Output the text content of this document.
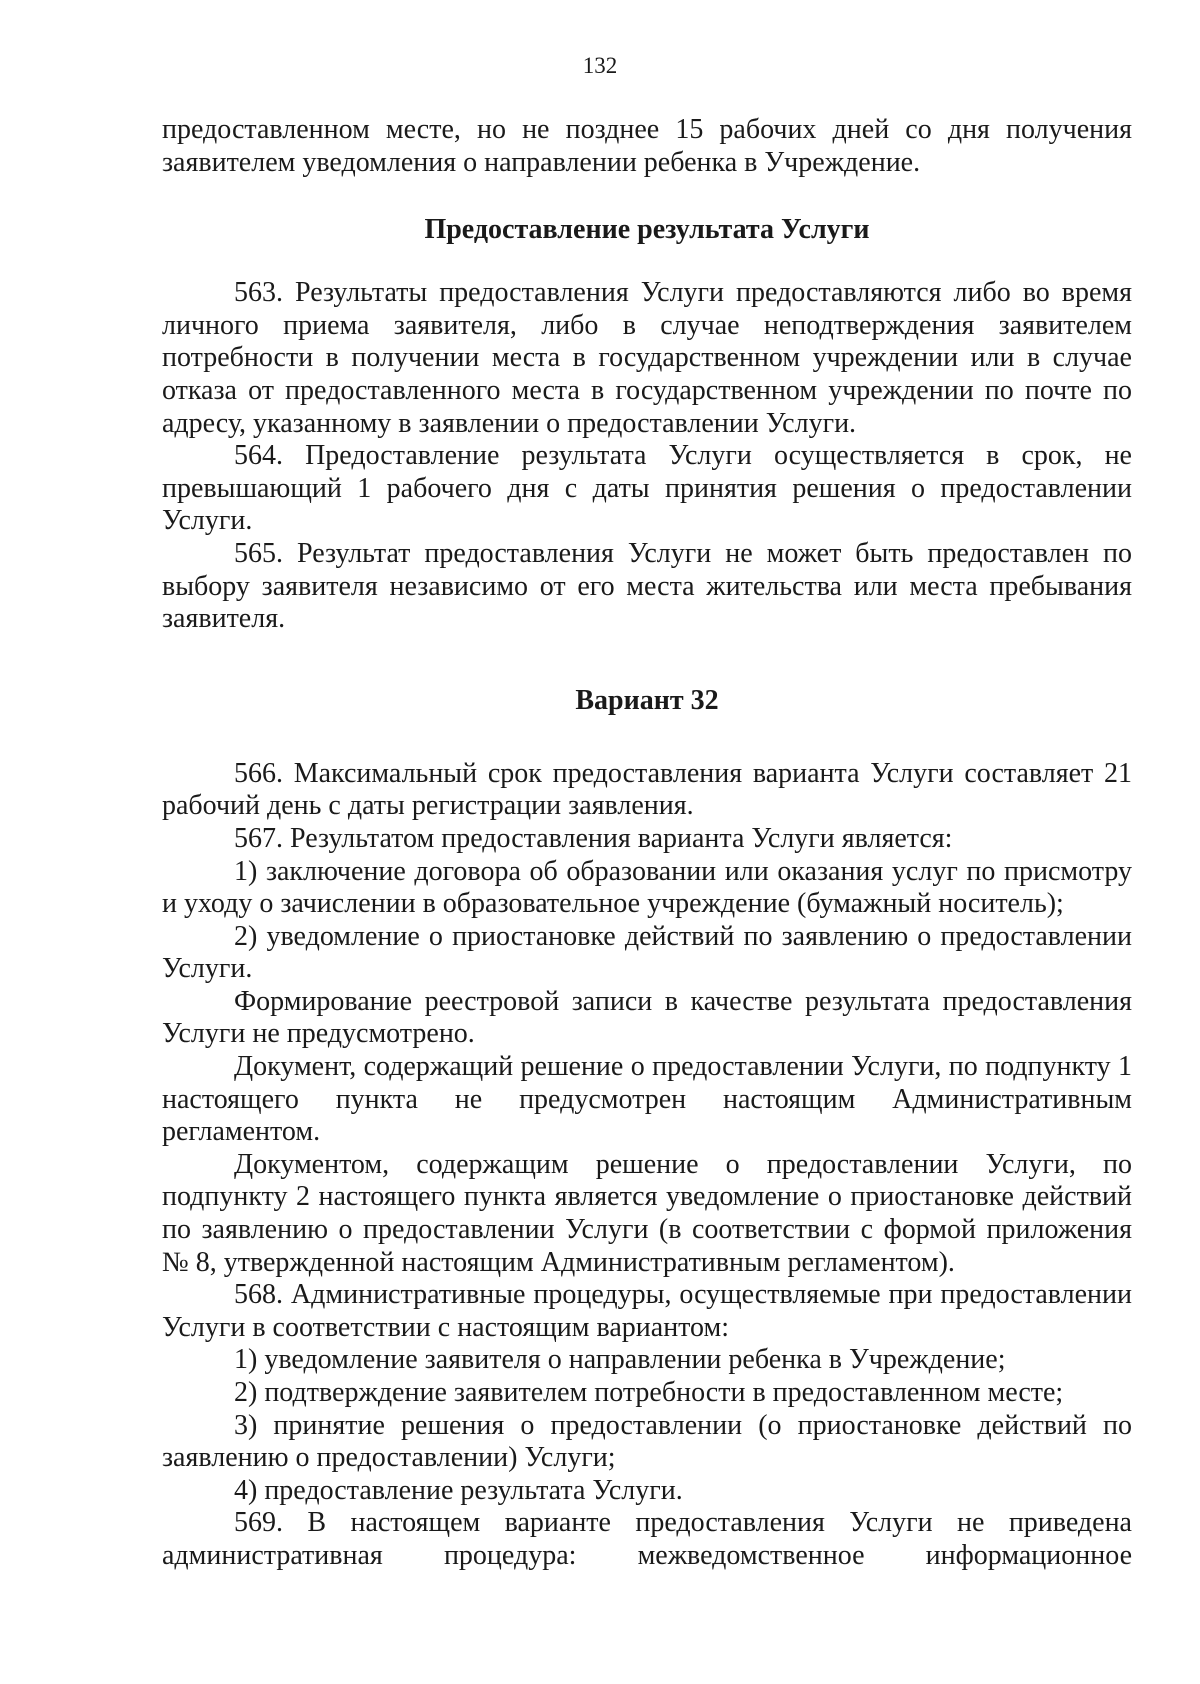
132

предоставленном месте, но не позднее 15 рабочих дней со дня получения заявителем уведомления о направлении ребенка в Учреждение.

Предоставление результата Услуги

563. Результаты предоставления Услуги предоставляются либо во время личного приема заявителя, либо в случае неподтверждения заявителем потребности в получении места в государственном учреждении или в случае отказа от предоставленного места в государственном учреждении по почте по адресу, указанному в заявлении о предоставлении Услуги.

564. Предоставление результата Услуги осуществляется в срок, не превышающий 1 рабочего дня с даты принятия решения о предоставлении Услуги.

565. Результат предоставления Услуги не может быть предоставлен по выбору заявителя независимо от его места жительства или места пребывания заявителя.

Вариант 32

566. Максимальный срок предоставления варианта Услуги составляет 21 рабочий день с даты регистрации заявления.

567. Результатом предоставления варианта Услуги является:

1) заключение договора об образовании или оказания услуг по присмотру и уходу о зачислении в образовательное учреждение (бумажный носитель);

2) уведомление о приостановке действий по заявлению о предоставлении Услуги.

Формирование реестровой записи в качестве результата предоставления Услуги не предусмотрено.

Документ, содержащий решение о предоставлении Услуги, по подпункту 1 настоящего пункта не предусмотрен настоящим Административным регламентом.

Документом, содержащим решение о предоставлении Услуги, по подпункту 2 настоящего пункта является уведомление о приостановке действий по заявлению о предоставлении Услуги (в соответствии с формой приложения № 8, утвержденной настоящим Административным регламентом).

568. Административные процедуры, осуществляемые при предоставлении Услуги в соответствии с настоящим вариантом:

1) уведомление заявителя о направлении ребенка в Учреждение;

2) подтверждение заявителем потребности в предоставленном месте;

3) принятие решения о предоставлении (о приостановке действий по заявлению о предоставлении) Услуги;

4) предоставление результата Услуги.

569. В настоящем варианте предоставления Услуги не приведена административная процедура: межведомственное информационное
